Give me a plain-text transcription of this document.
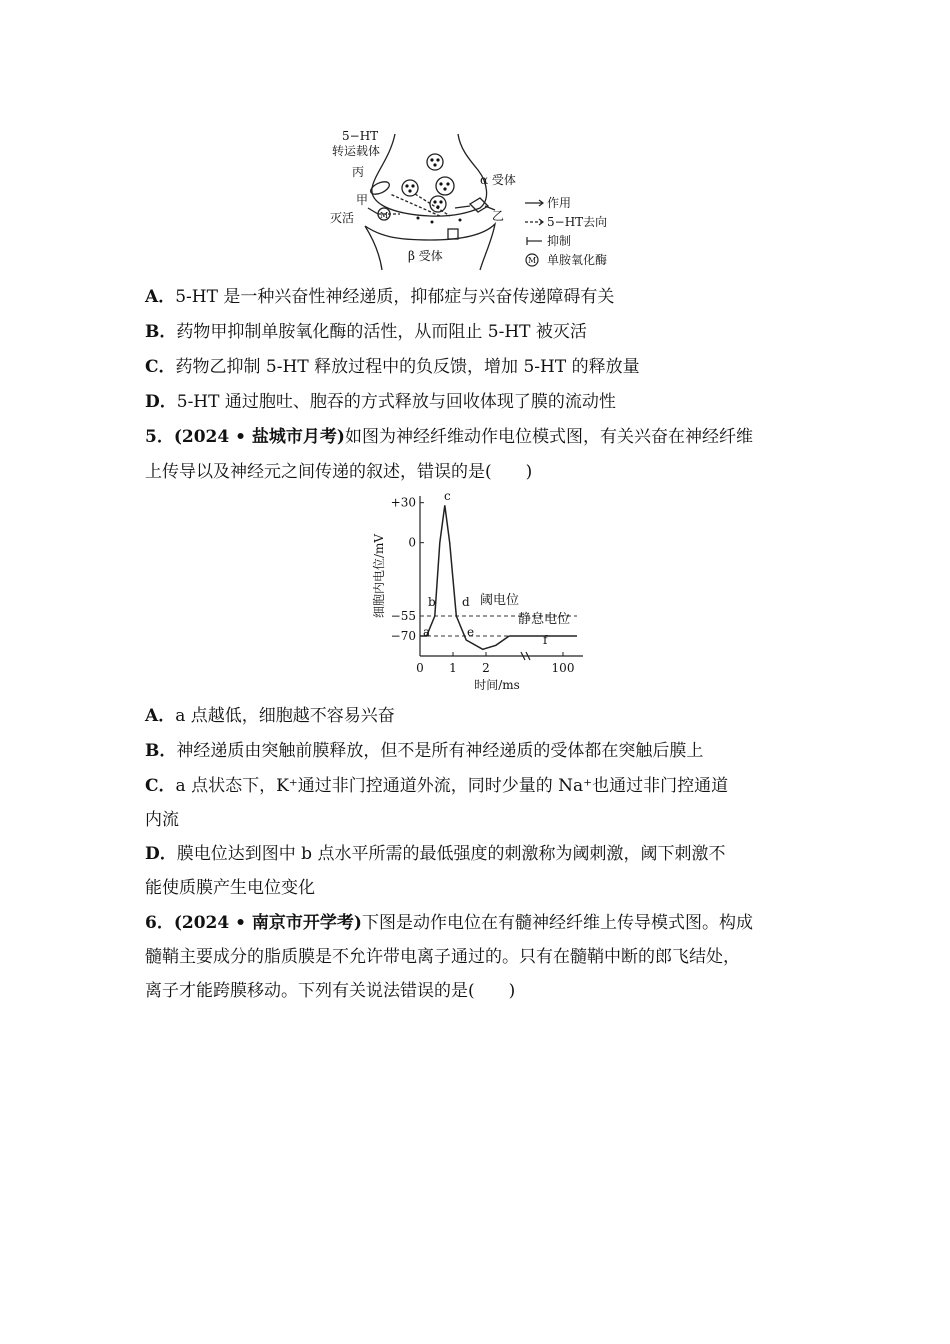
5−HT
转运载体
丙
甲
灭活	M
α 受体
乙
β 受体
作用
5−HT去向
抑制
M 单胺氧化酶
A．5-HT 是一种兴奋性神经递质，抑郁症与兴奋传递障碍有关
B．药物甲抑制单胺氧化酶的活性，从而阻止 5-HT 被灭活
C．药物乙抑制 5-HT 释放过程中的负反馈，增加 5-HT 的释放量
D．5-HT 通过胞吐、胞吞的方式释放与回收体现了膜的流动性
5．(2024 • 盐城市月考)如图为神经纤维动作电位模式图，有关兴奋在神经纤维
上传导以及神经元之间传递的叙述，错误的是(　　)
+30
0
−55
−70
0 1 2	100
细胞内电位/mV
时间/ms
阈电位
静息电位
a
b
c
d
e
f
A．a 点越低，细胞越不容易兴奋
B．神经递质由突触前膜释放，但不是所有神经递质的受体都在突触后膜上
C．a 点状态下，K⁺通过非门控通道外流，同时少量的 Na⁺也通过非门控通道
内流
D．膜电位达到图中 b 点水平所需的最低强度的刺激称为阈刺激，阈下刺激不
能使质膜产生电位变化
6．(2024 • 南京市开学考)下图是动作电位在有髓神经纤维上传导模式图。构成
髓鞘主要成分的脂质膜是不允许带电离子通过的。只有在髓鞘中断的郎飞结处，
离子才能跨膜移动。下列有关说法错误的是(　　)
